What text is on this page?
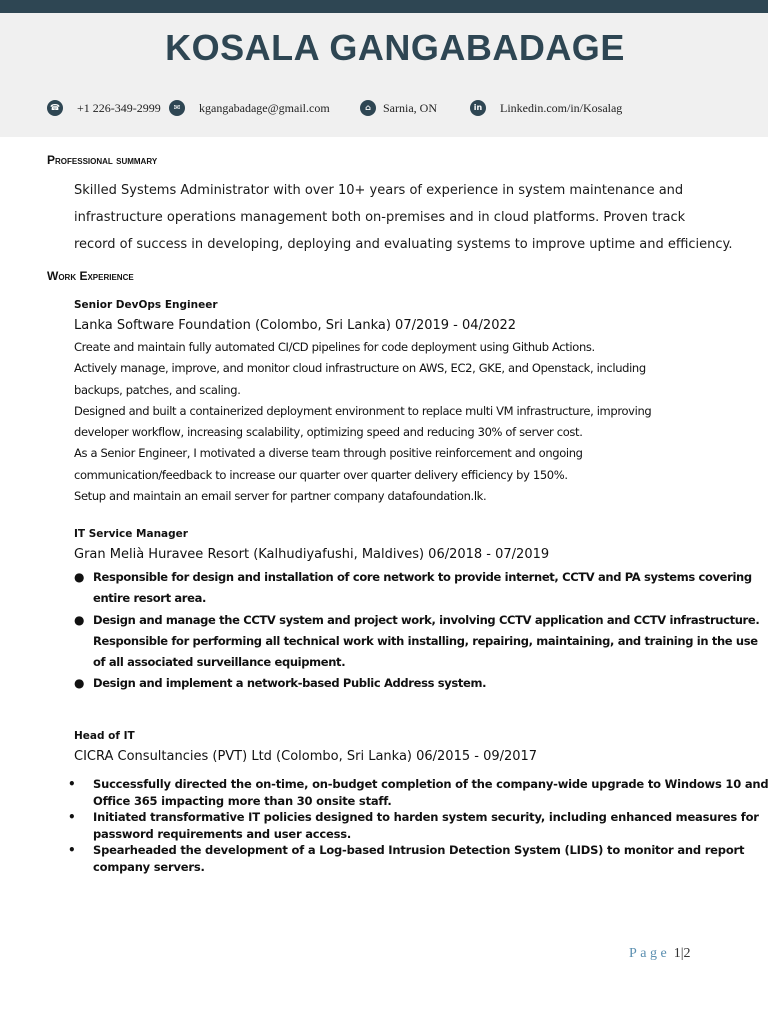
KOSALA GANGABADAGE
☎ +1 226-349-2999	✉	kgangabadage@gmail.com	⌂	Sarnia, ON	in	Linkedin.com/in/Kosalag
Professional summary
Skilled Systems Administrator with over 10+ years of experience in system maintenance and
infrastructure operations management both on-premises and in cloud platforms. Proven track
record of success in developing, deploying and evaluating systems to improve uptime and efficiency.
Work Experience
Senior DevOps Engineer
Lanka Software Foundation (Colombo, Sri Lanka) 07/2019 - 04/2022
Create and maintain fully automated CI/CD pipelines for code deployment using Github Actions.
Actively manage, improve, and monitor cloud infrastructure on AWS, EC2, GKE, and Openstack, including
backups, patches, and scaling.
Designed and built a containerized deployment environment to replace multi VM infrastructure, improving
developer workflow, increasing scalability, optimizing speed and reducing 30% of server cost.
As a Senior Engineer, I motivated a diverse team through positive reinforcement and ongoing
communication/feedback to increase our quarter over quarter delivery efficiency by 150%.
Setup and maintain an email server for partner company datafoundation.lk.
IT Service Manager
Gran Melià Huravee Resort (Kalhudiyafushi, Maldives) 06/2018 - 07/2019
● Responsible for design and installation of core network to provide internet, CCTV and PA systems covering
entire resort area.
● Design and manage the CCTV system and project work, involving CCTV application and CCTV infrastructure.
Responsible for performing all technical work with installing, repairing, maintaining, and training in the use
of all associated surveillance equipment.
● Design and implement a network-based Public Address system.
Head of IT
CICRA Consultancies (PVT) Ltd (Colombo, Sri Lanka) 06/2015 - 09/2017
• Successfully directed the on-time, on-budget completion of the company-wide upgrade to Windows 10 and
Office 365 impacting more than 30 onsite staff.
• Initiated transformative IT policies designed to harden system security, including enhanced measures for
password requirements and user access.
• Spearheaded the development of a Log-based Intrusion Detection System (LIDS) to monitor and report
company servers.
Page 1|2
